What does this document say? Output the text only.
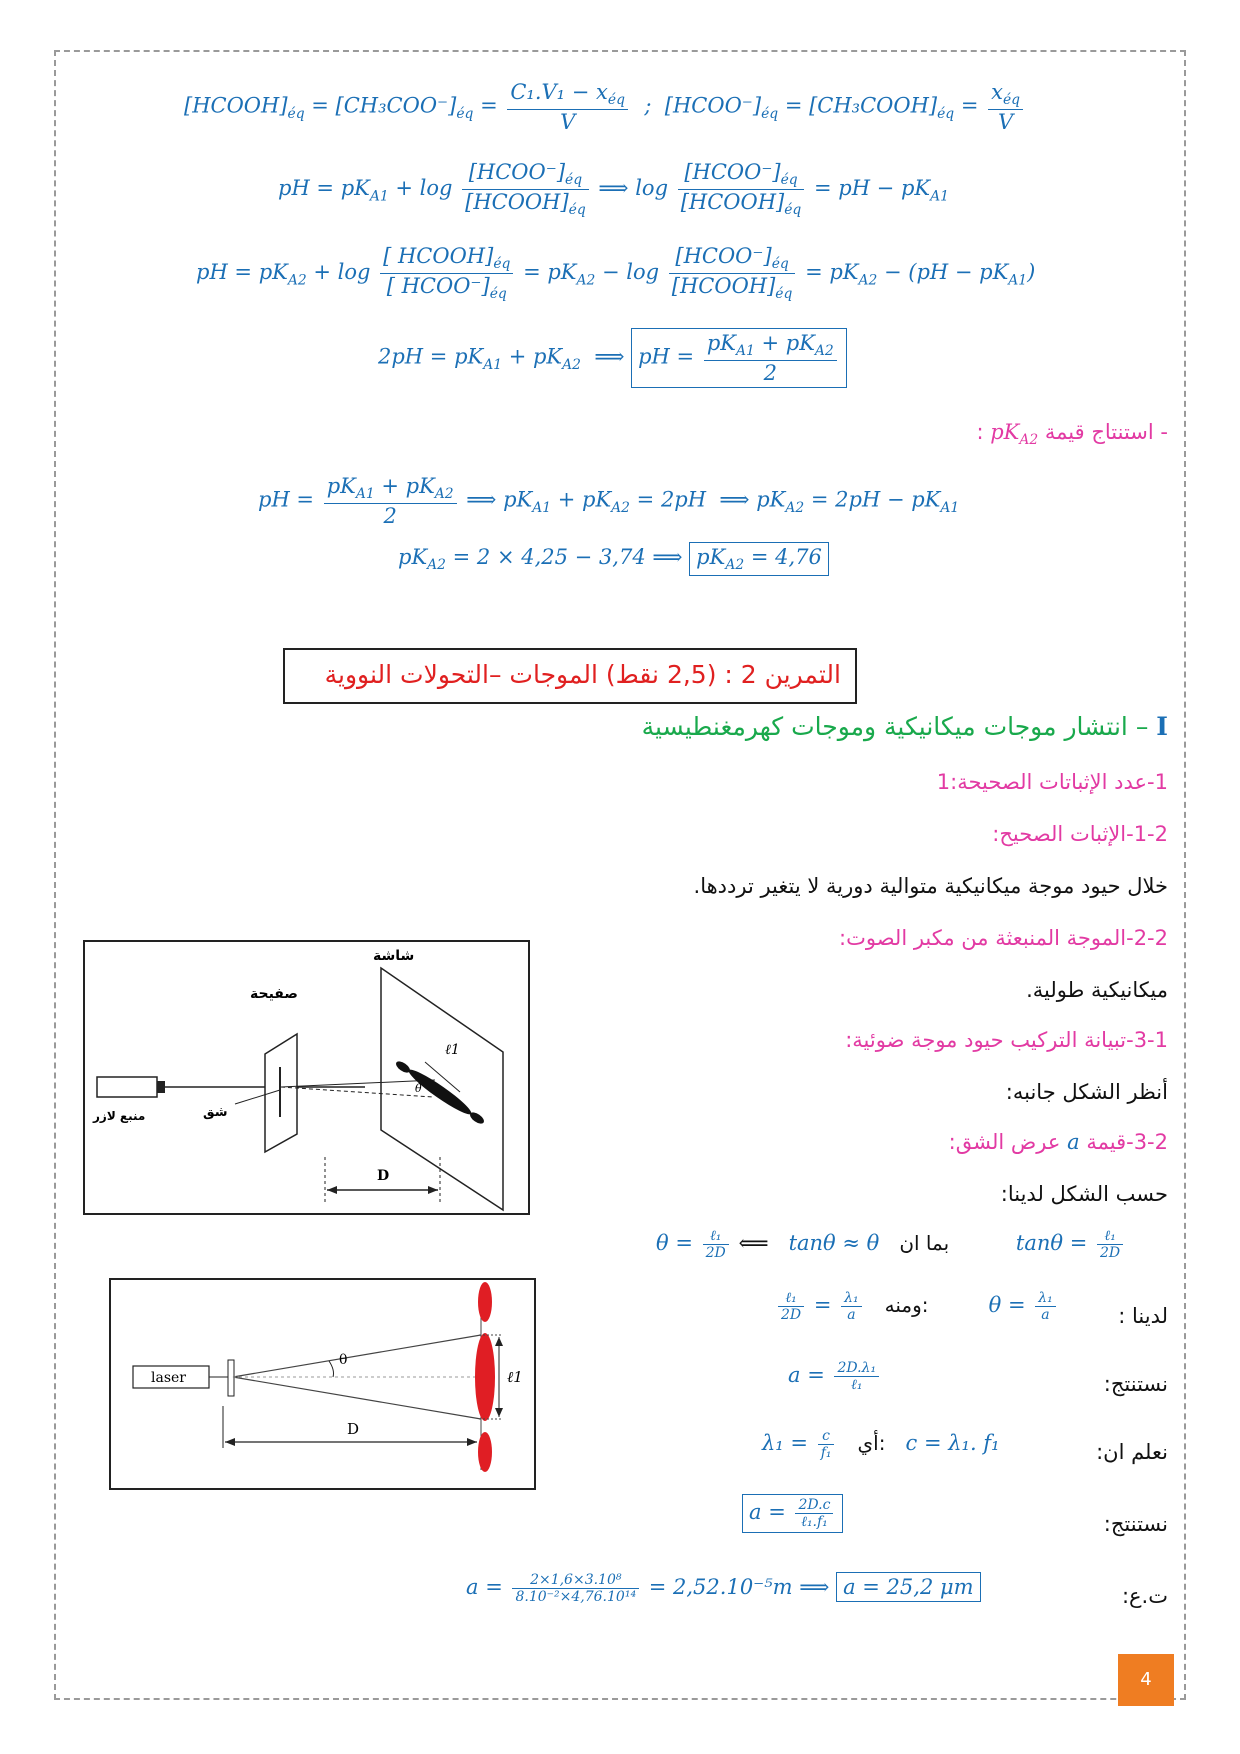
$[HCOOH]_{éq} = [CH_3COO^-]_{éq} = \frac{C_1.V_1 - x_{éq}}{V}$ ; $[HCOO^-]_{éq}$ = $[CH_3COOH]_{éq} = \frac{x_{éq}}{V}$
pH = $pK_{A1} + \log \frac{[HCOO^-]_{éq}}{[HCOOH]_{éq}}$ ⟹ $\log \frac{[HCOO^-]_{éq}}{[HCOOH]_{éq}}$ = pH − $pK_{A1}$
pH = $pK_{A2} + \log \frac{[ HCOOH]_{éq}}{[ HCOO^-]_{éq}} = pK_{A2} - \log \frac{[HCOO^-]_{éq}}{[HCOOH]_{éq}} = pK_{A2} - (pH - pK_{A1})$
$2pH = pK_{A1} + pK_{A2}$ ⟹ pH = $\frac{pK_{A1} + pK_{A2}}{2}$
- استنتاج قيمة $pK_{A2}$ :
pH = $\frac{pK_{A1} + pK_{A2}}{2}$ ⟹ $pK_{A1} + pK_{A2} = 2pH$ ⟹ $pK_{A2} = 2pH - pK_{A1}$
$pK_{A2} = 2 \times 4,25 - 3,74$ ⟹ $pK_{A2} = 4,76$
التمرين 2 : (2,5 نقط) الموجات –التحولات النووية
I – انتشار موجات ميكانيكية وموجات كهرمغنطيسية
1-عدد الإثباتات الصحيحة:1
1-2-الإثبات الصحيح:
خلال حيود موجة ميكانيكية متوالية دورية لا يتغير ترددها.
2-2-الموجة المنبعثة من مكبر الصوت:
ميكانيكية طولية.
3-1-تبيانة التركيب حيود موجة ضوئية:
أنظر الشكل جانبه:
3-2-قيمة a عرض الشق:
حسب الشكل لدينا:
$\theta = \frac{\text{ℓ₁}}{2D}$ ⟸ tanθ ≈ θ بما ان	$\tan\theta = \frac{\text{ℓ₁}}{2D}$
$\frac{\text{ℓ₁}}{2D} = \frac{\text{λ₁}}{a}$ ومنه:	$\theta = \frac{\text{λ₁}}{a}$	لدينا :
$a = \frac{\text{2D.λ₁}}{\text{ℓ₁}}$	نستنتج:
$\lambda_1 = \frac{c}{\text{f₁}}$ أي: c = λ₁. f₁	نعلم ان:
$a = \frac{2D.c}{\text{ℓ₁.f₁}}$	نستنتج:
$a = \frac{\text{2×1,6×3.10⁸}}{\text{8.10⁻²×4,76.10¹⁴}} = 2,52.10^{-5}m$ ⟹ a = 25,2 μm	ت.ع:
شاشة
صفيحة
منبع لازر	شق
D
ℓ1
θ
laser
θ
D
ℓ1
4
